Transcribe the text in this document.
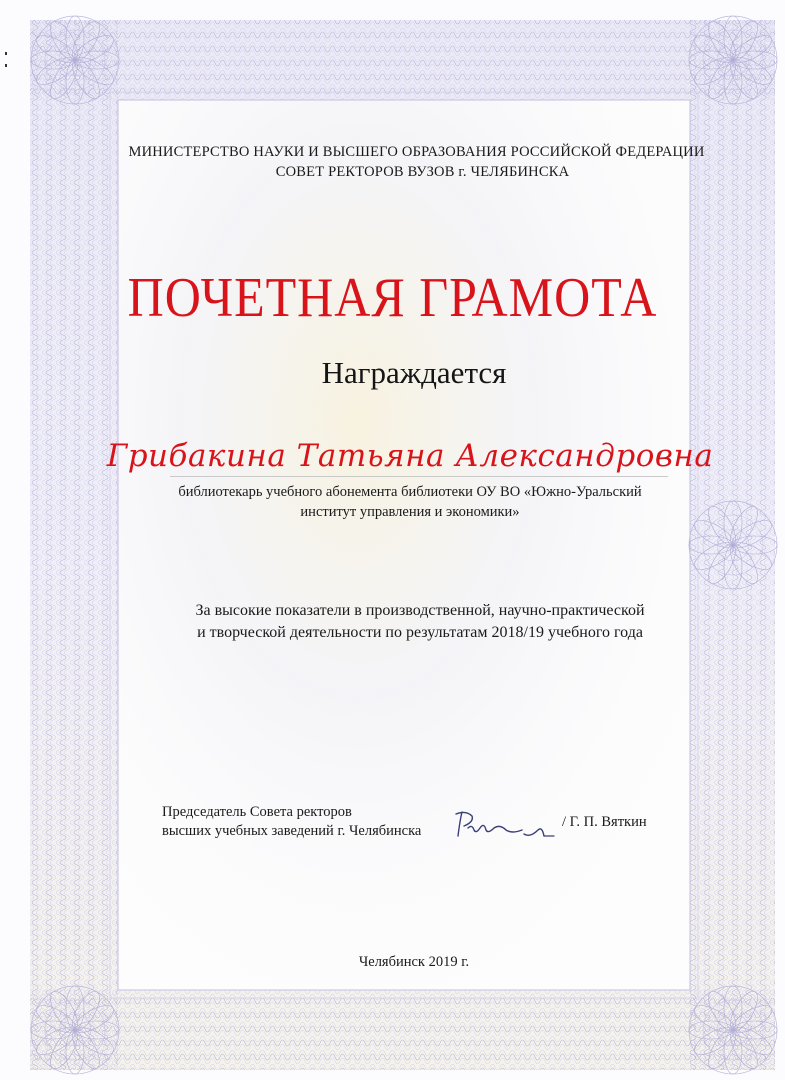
МИНИСТЕРСТВО НАУКИ И ВЫСШЕГО ОБРАЗОВАНИЯ РОССИЙСКОЙ ФЕДЕРАЦИИ
СОВЕТ РЕКТОРОВ ВУЗОВ г. ЧЕЛЯБИНСКА
ПОЧЕТНАЯ ГРАМОТА
Награждается
Грибакина Татьяна Александровна
библиотекарь учебного абонемента библиотеки ОУ ВО «Южно-Уральский
институт управления и экономики»
За высокие показатели в производственной, научно-практической
и творческой деятельности по результатам 2018/19 учебного года
Председатель Совета ректоров
высших учебных заведений г. Челябинска
/ Г. П. Вяткин
Челябинск 2019 г.
